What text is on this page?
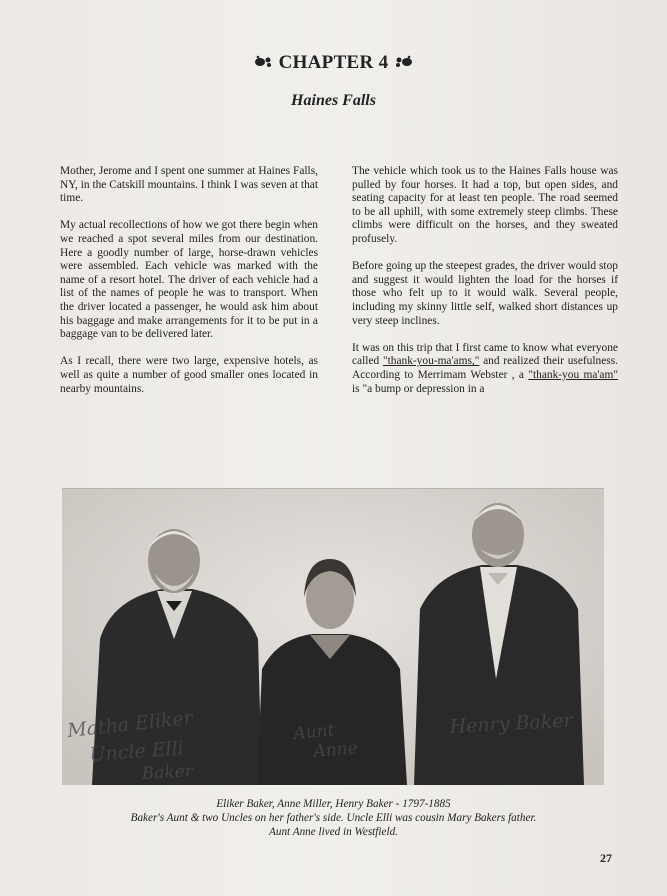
CHAPTER 4
Haines Falls

Mother, Jerome and I spent one summer at Haines Falls, NY, in the Catskill mountains. I think I was seven at that time.

My actual recollections of how we got there begin when we reached a spot several miles from our destination. Here a goodly number of large, horse-drawn vehicles were assembled. Each vehicle was marked with the name of a resort hotel. The driver of each vehicle had a list of the names of people he was to transport. When the driver located a passenger, he would ask him about his baggage and make arrangements for it to be put in a baggage van to be delivered later.

As I recall, there were two large, expensive hotels, as well as quite a number of good smaller ones located in nearby mountains.

The vehicle which took us to the Haines Falls house was pulled by four horses. It had a top, but open sides, and seating capacity for at least ten people. The road seemed to be all uphill, with some extremely steep climbs. These climbs were difficult on the horses, and they sweated profusely.

Before going up the steepest grades, the driver would stop and suggest it would lighten the load for the horses if those who felt up to it would walk. Several people, including my skinny little self, walked short distances up very steep inclines.

It was on this trip that I first came to know what everyone called "thank-you-ma'ams," and realized their usefulness. According to Merrimam Webster , a "thank-you ma'am" is "a bump or depression in a

Matha Eliker
Uncle Elli
Baker
Aunt
Anne
Henry Baker
Eliker Baker, Anne Miller, Henry Baker - 1797-1885
Baker's Aunt & two Uncles on her father's side. Uncle Elli was cousin Mary Bakers father.
Aunt Anne lived in Westfield.
27
